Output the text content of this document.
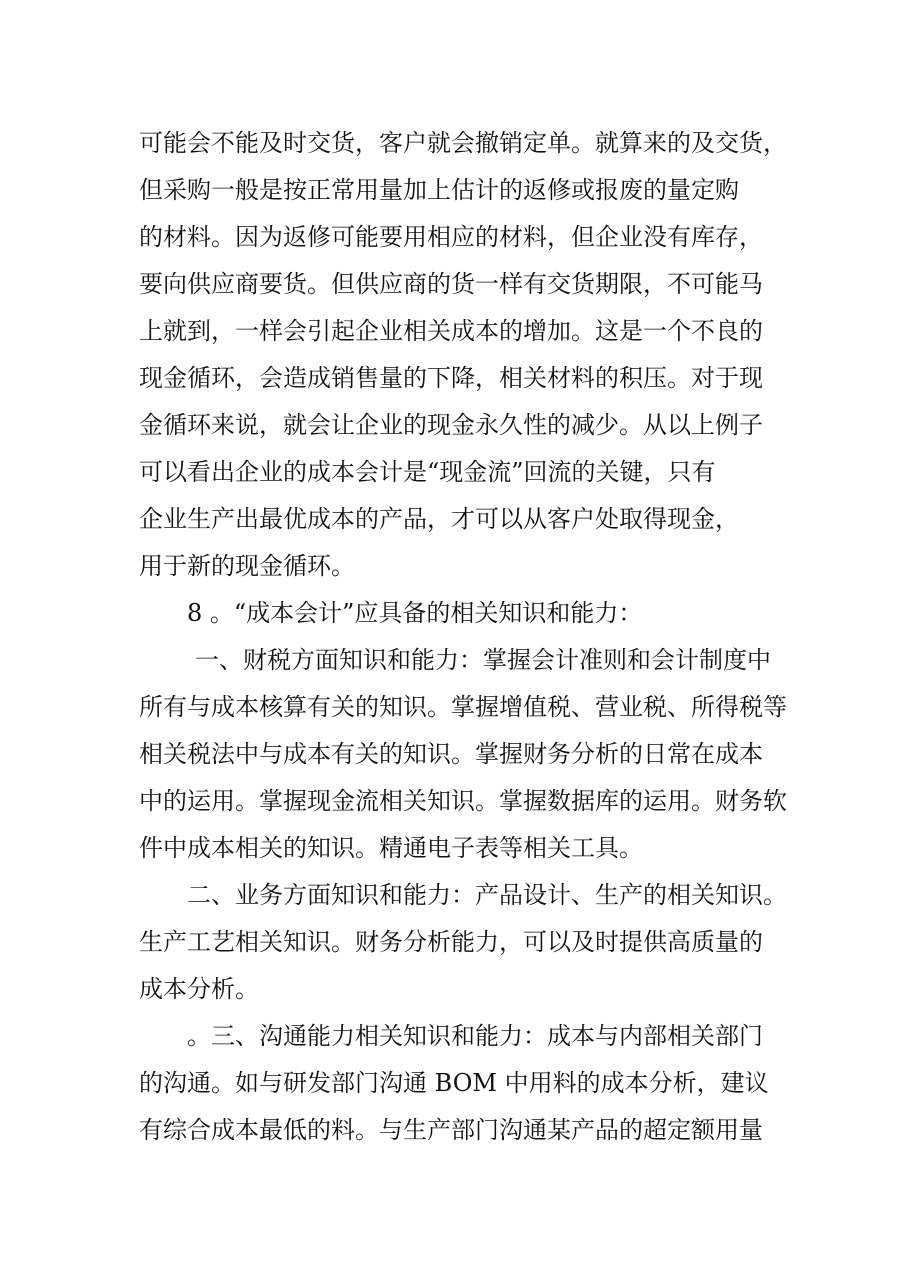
可能会不能及时交货，客户就会撤销定单。就算来的及交货，
但采购一般是按正常用量加上估计的返修或报废的量定购
的材料。因为返修可能要用相应的材料，但企业没有库存，
要向供应商要货。但供应商的货一样有交货期限，不可能马
上就到，一样会引起企业相关成本的增加。这是一个不良的
现金循环，会造成销售量的下降，相关材料的积压。对于现
金循环来说，就会让企业的现金永久性的减少。从以上例子
可以看出企业的成本会计是“现金流”回流的关键，只有
企业生产出最优成本的产品，才可以从客户处取得现金，
用于新的现金循环。
8 。“成本会计”应具备的相关知识和能力：
一、财税方面知识和能力：掌握会计准则和会计制度中
所有与成本核算有关的知识。掌握增值税、营业税、所得税等
相关税法中与成本有关的知识。掌握财务分析的日常在成本
中的运用。掌握现金流相关知识。掌握数据库的运用。财务软
件中成本相关的知识。精通电子表等相关工具。
二、业务方面知识和能力：产品设计、生产的相关知识。
生产工艺相关知识。财务分析能力，可以及时提供高质量的
成本分析。
。三、沟通能力相关知识和能力：成本与内部相关部门
的沟通。如与研发部门沟通 BOM 中用料的成本分析，建议
有综合成本最低的料。与生产部门沟通某产品的超定额用量
